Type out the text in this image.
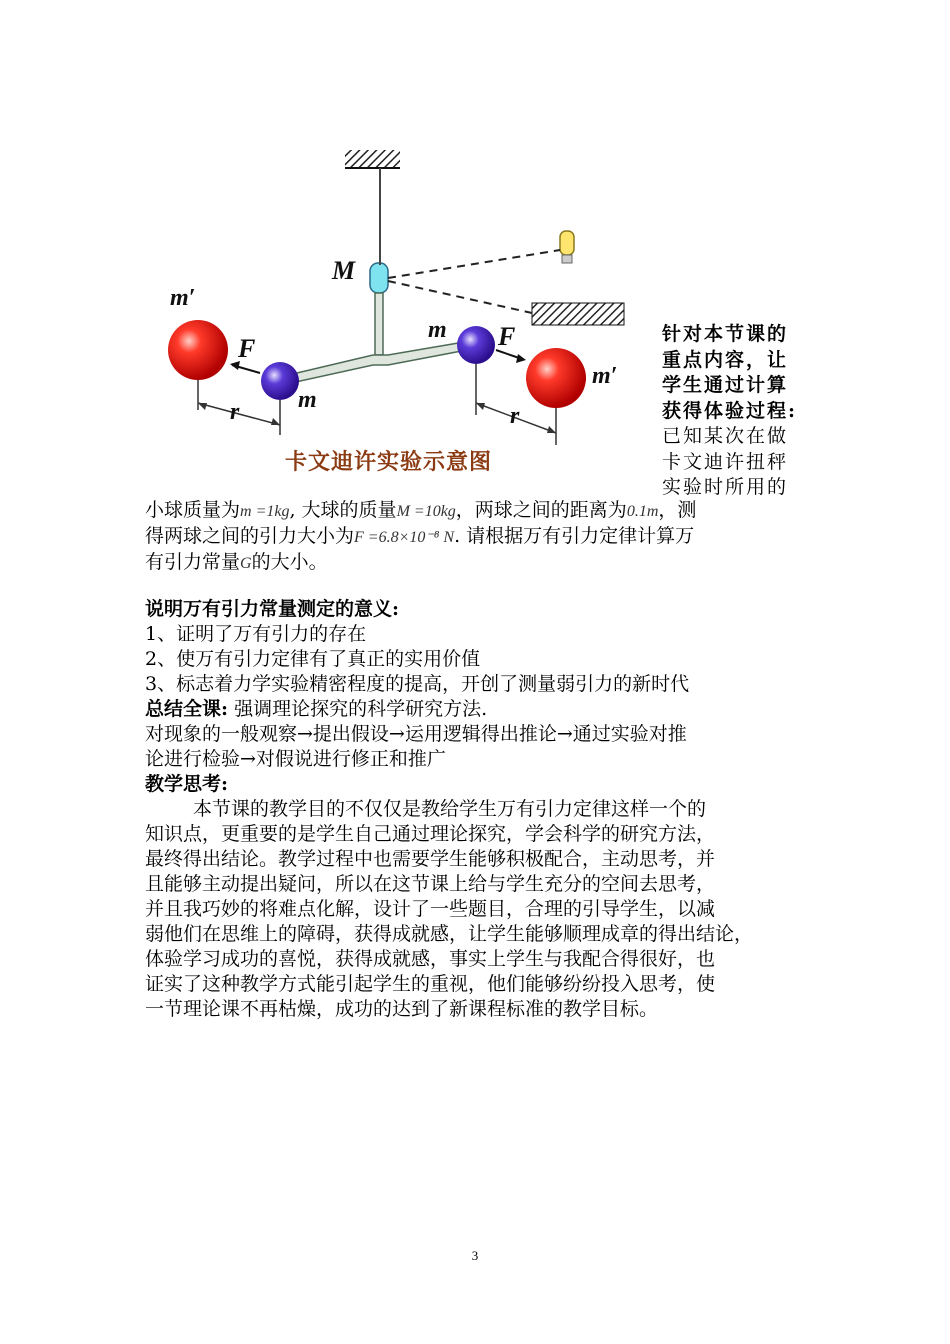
M
m′
m′
F	F
m
m
r	r
卡文迪许实验示意图
针对本节课的
重点内容，让
学生通过计算
获得体验过程:
已知某次在做
卡文迪许扭秤
实验时所用的

小球质量为m =1kg, 大球的质量M =10kg，两球之间的距离为0.1m，测

得两球之间的引力大小为F =6.8×10⁻⁸ N. 请根据万有引力定律计算万

有引力常量G的大小。

说明万有引力常量测定的意义:

1、证明了万有引力的存在

2、使万有引力定律有了真正的实用价值

3、标志着力学实验精密程度的提高，开创了测量弱引力的新时代

总结全课: 强调理论探究的科学研究方法.

对现象的一般观察→提出假设→运用逻辑得出推论→通过实验对推

论进行检验→对假说进行修正和推广

教学思考:

本节课的教学目的不仅仅是教给学生万有引力定律这样一个的

知识点，更重要的是学生自己通过理论探究，学会科学的研究方法，

最终得出结论。教学过程中也需要学生能够积极配合，主动思考，并

且能够主动提出疑问，所以在这节课上给与学生充分的空间去思考，

并且我巧妙的将难点化解，设计了一些题目，合理的引导学生，以减

弱他们在思维上的障碍，获得成就感，让学生能够顺理成章的得出结论，

体验学习成功的喜悦，获得成就感，事实上学生与我配合得很好，也

证实了这种教学方式能引起学生的重视，他们能够纷纷投入思考，使

一节理论课不再枯燥，成功的达到了新课程标准的教学目标。

3
